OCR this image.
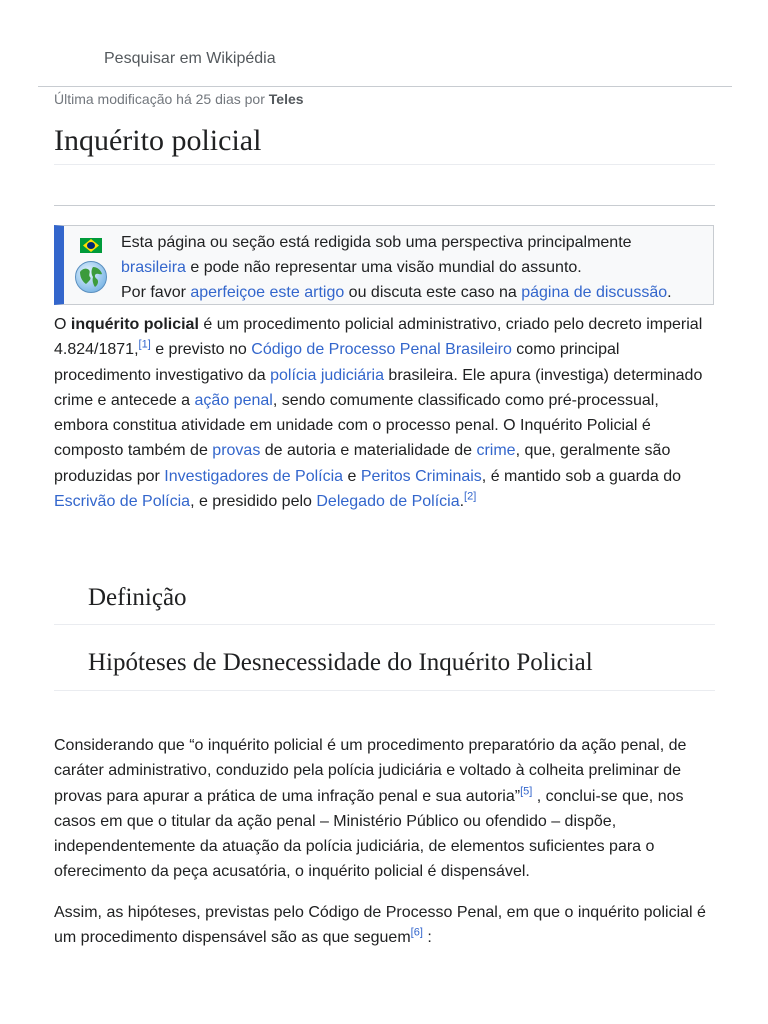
Pesquisar em Wikipédia
Última modificação há 25 dias por Teles
Inquérito policial
Esta página ou seção está redigida sob uma perspectiva principalmente
brasileira e pode não representar uma visão mundial do assunto.
Por favor aperfeiçoe este artigo ou discuta este caso na página de discussão.
O inquérito policial é um procedimento policial administrativo, criado pelo decreto imperial 4.824/1871,[1] e previsto no Código de Processo Penal Brasileiro como principal procedimento investigativo da polícia judiciária brasileira. Ele apura (investiga) determinado crime e antecede a ação penal, sendo comumente classificado como pré-processual, embora constitua atividade em unidade com o processo penal. O Inquérito Policial é composto também de provas de autoria e materialidade de crime, que, geralmente são produzidas por Investigadores de Polícia e Peritos Criminais, é mantido sob a guarda do Escrivão de Polícia, e presidido pelo Delegado de Polícia.[2]
Definição
Hipóteses de Desnecessidade do Inquérito Policial
Considerando que “o inquérito policial é um procedimento preparatório da ação penal, de caráter administrativo, conduzido pela polícia judiciária e voltado à colheita preliminar de provas para apurar a prática de uma infração penal e sua autoria”[5] , conclui-se que, nos casos em que o titular da ação penal – Ministério Público ou ofendido – dispõe, independentemente da atuação da polícia judiciária, de elementos suficientes para o oferecimento da peça acusatória, o inquérito policial é dispensável.
Assim, as hipóteses, previstas pelo Código de Processo Penal, em que o inquérito policial é um procedimento dispensável são as que seguem[6] :
